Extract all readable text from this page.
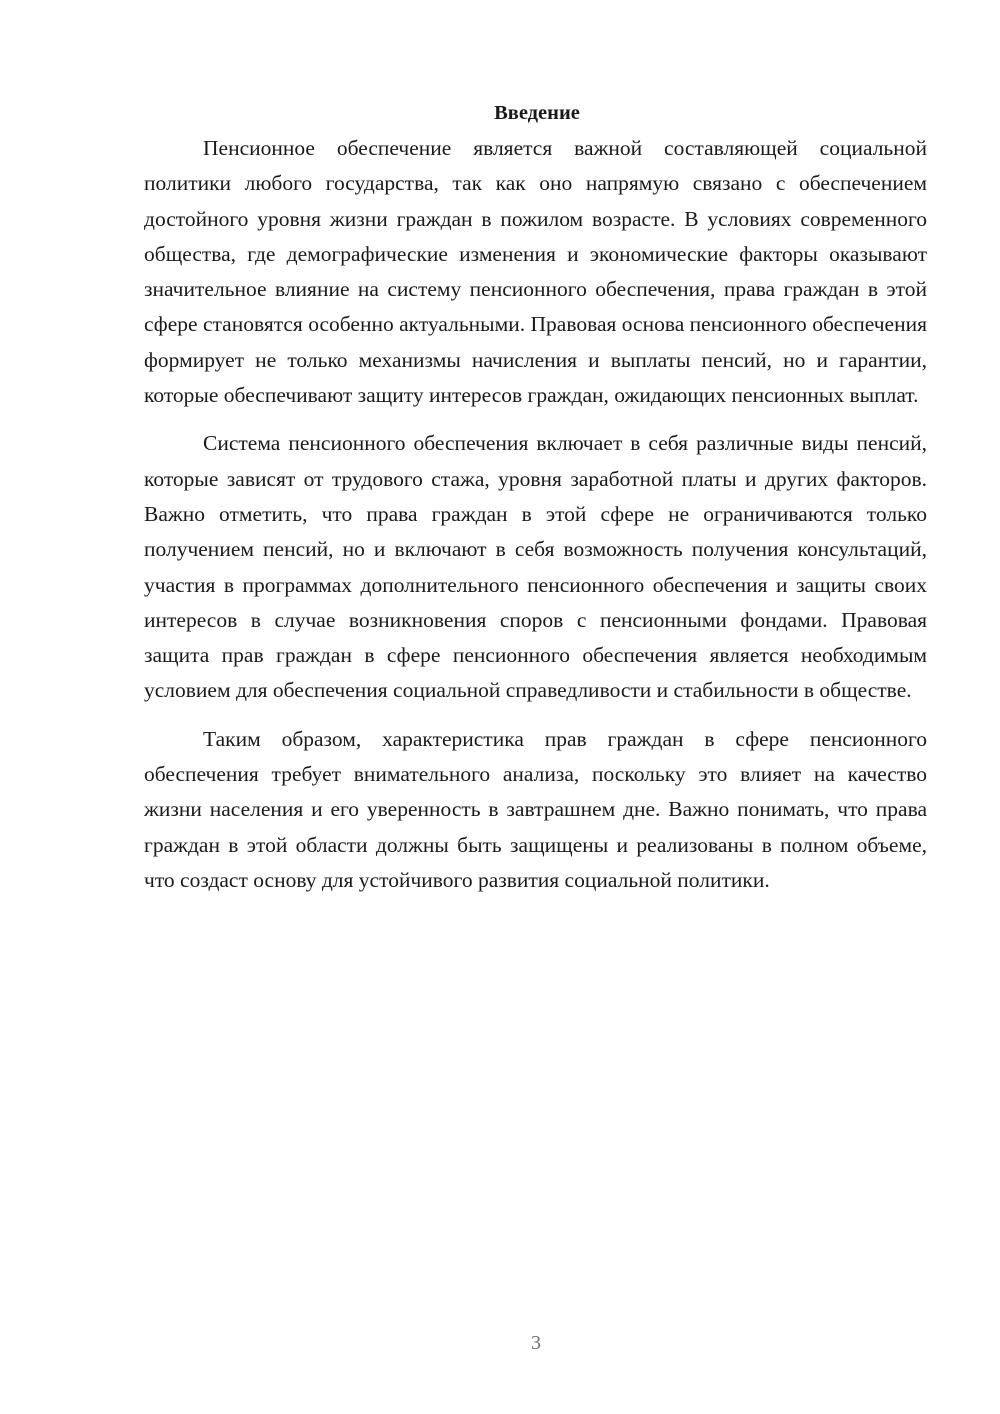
Введение

Пенсионное обеспечение является важной составляющей социальной политики любого государства, так как оно напрямую связано с обеспечением достойного уровня жизни граждан в пожилом возрасте. В условиях современного общества, где демографические изменения и экономические факторы оказывают значительное влияние на систему пенсионного обеспечения, права граждан в этой сфере становятся особенно актуальными. Правовая основа пенсионного обеспечения формирует не только механизмы начисления и выплаты пенсий, но и гарантии, которые обеспечивают защиту интересов граждан, ожидающих пенсионных выплат.

Система пенсионного обеспечения включает в себя различные виды пенсий, которые зависят от трудового стажа, уровня заработной платы и других факторов. Важно отметить, что права граждан в этой сфере не ограничиваются только получением пенсий, но и включают в себя возможность получения консультаций, участия в программах дополнительного пенсионного обеспечения и защиты своих интересов в случае возникновения споров с пенсионными фондами. Правовая защита прав граждан в сфере пенсионного обеспечения является необходимым условием для обеспечения социальной справедливости и стабильности в обществе.

Таким образом, характеристика прав граждан в сфере пенсионного обеспечения требует внимательного анализа, поскольку это влияет на качество жизни населения и его уверенность в завтрашнем дне. Важно понимать, что права граждан в этой области должны быть защищены и реализованы в полном объеме, что создаст основу для устойчивого развития социальной политики.

3
